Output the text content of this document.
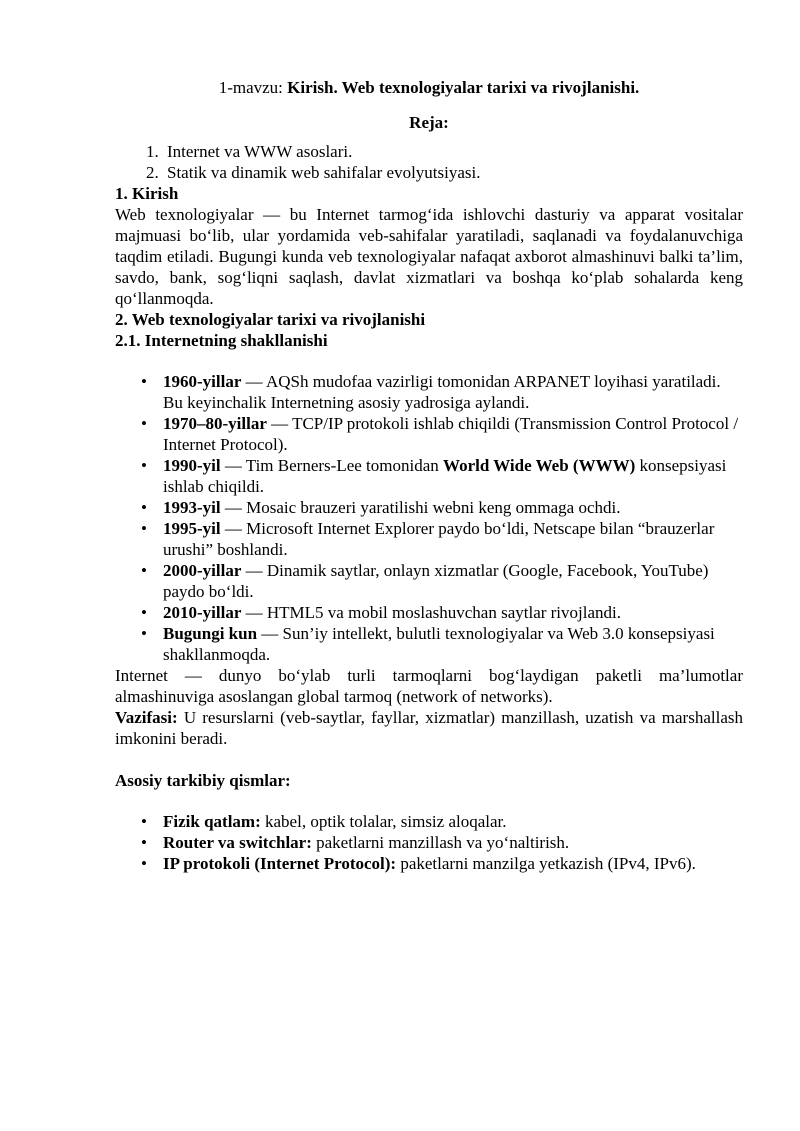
1-mavzu: Kirish. Web texnologiyalar tarixi va rivojlanishi.
Reja:
1. Internet va WWW asoslari.
2. Statik va dinamik web sahifalar evolyutsiyasi.
1. Kirish

Web texnologiyalar — bu Internet tarmog‘ida ishlovchi dasturiy va apparat vositalar majmuasi bo‘lib, ular yordamida veb-sahifalar yaratiladi, saqlanadi va foydalanuvchiga taqdim etiladi. Bugungi kunda veb texnologiyalar nafaqat axborot almashinuvi balki ta’lim, savdo, bank, sog‘liqni saqlash, davlat xizmatlari va boshqa ko‘plab sohalarda keng qo‘llanmoqda.

2. Web texnologiyalar tarixi va rivojlanishi
2.1. Internetning shakllanishi
• 1960-yillar — AQSh mudofaa vazirligi tomonidan ARPANET loyihasi yaratiladi. Bu keyinchalik Internetning asosiy yadrosiga aylandi.
• 1970–80-yillar — TCP/IP protokoli ishlab chiqildi (Transmission Control Protocol / Internet Protocol).
• 1990-yil — Tim Berners-Lee tomonidan World Wide Web (WWW) konsepsiyasi ishlab chiqildi.
• 1993-yil — Mosaic brauzeri yaratilishi webni keng ommaga ochdi.
• 1995-yil — Microsoft Internet Explorer paydo bo‘ldi, Netscape bilan “brauzerlar urushi” boshlandi.
• 2000-yillar — Dinamik saytlar, onlayn xizmatlar (Google, Facebook, YouTube) paydo bo‘ldi.
• 2010-yillar — HTML5 va mobil moslashuvchan saytlar rivojlandi.
• Bugungi kun — Sun’iy intellekt, bulutli texnologiyalar va Web 3.0 konsepsiyasi shakllanmoqda.

Internet — dunyo bo‘ylab turli tarmoqlarni bog‘laydigan paketli ma’lumotlar almashinuviga asoslangan global tarmoq (network of networks).

Vazifasi: U resurslarni (veb-saytlar, fayllar, xizmatlar) manzillash, uzatish va marshallash imkonini beradi.

Asosiy tarkibiy qismlar:
• Fizik qatlam: kabel, optik tolalar, simsiz aloqalar.
• Router va switchlar: paketlarni manzillash va yo‘naltirish.
• IP protokoli (Internet Protocol): paketlarni manzilga yetkazish (IPv4, IPv6).
